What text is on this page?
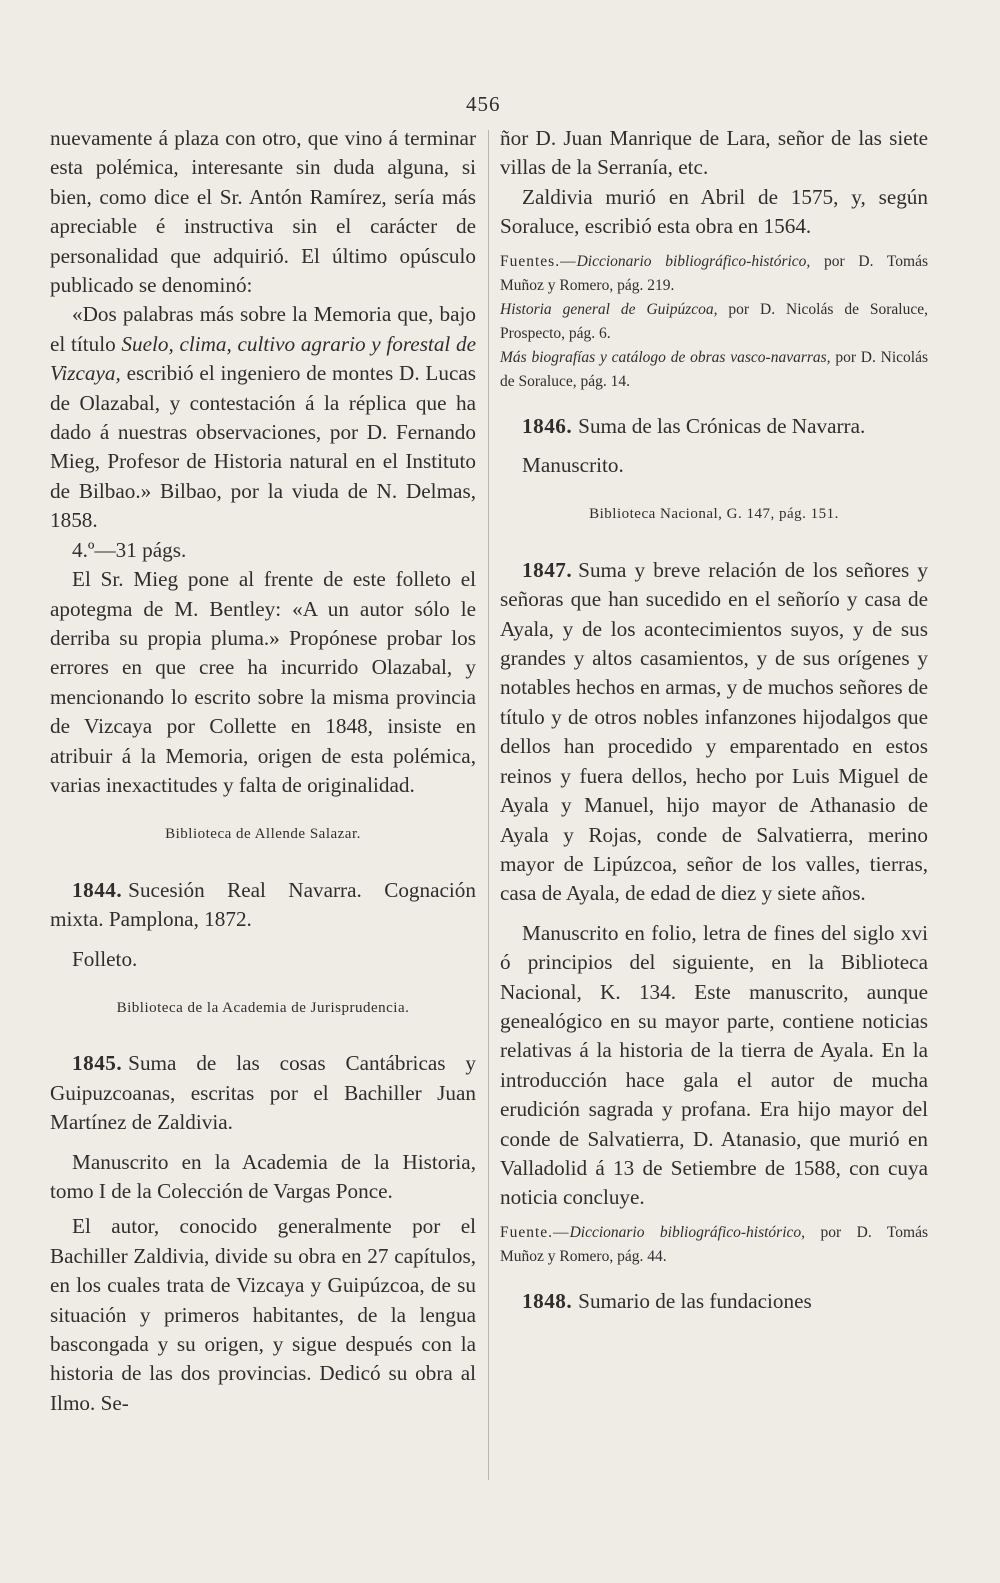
456

nuevamente á plaza con otro, que vino á terminar esta polémica, interesante sin duda alguna, si bien, como dice el Sr. Antón Ramírez, sería más apreciable é instructiva sin el carácter de personalidad que adquirió. El último opúsculo publicado se denominó:

«Dos palabras más sobre la Memoria que, bajo el título Suelo, clima, cultivo agrario y forestal de Vizcaya, escribió el ingeniero de montes D. Lucas de Olazabal, y contestación á la réplica que ha dado á nuestras observaciones, por D. Fernando Mieg, Profesor de Historia natural en el Instituto de Bilbao.» Bilbao, por la viuda de N. Delmas, 1858.

4.º—31 págs.

El Sr. Mieg pone al frente de este folleto el apotegma de M. Bentley: «A un autor sólo le derriba su propia pluma.» Propónese probar los errores en que cree ha incurrido Olazabal, y mencionando lo escrito sobre la misma provincia de Vizcaya por Collette en 1848, insiste en atribuir á la Memoria, origen de esta polémica, varias inexactitudes y falta de originalidad.

Biblioteca de Allende Salazar.

1844. Sucesión Real Navarra. Cognación mixta. Pamplona, 1872.

Folleto.

Biblioteca de la Academia de Jurisprudencia.

1845. Suma de las cosas Cantábricas y Guipuzcoanas, escritas por el Bachiller Juan Martínez de Zaldivia.

Manuscrito en la Academia de la Historia, tomo I de la Colección de Vargas Ponce.

El autor, conocido generalmente por el Bachiller Zaldivia, divide su obra en 27 capítulos, en los cuales trata de Vizcaya y Guipúzcoa, de su situación y primeros habitantes, de la lengua bascongada y su origen, y sigue después con la historia de las dos provincias. Dedicó su obra al Ilmo. Se-

ñor D. Juan Manrique de Lara, señor de las siete villas de la Serranía, etc.

Zaldivia murió en Abril de 1575, y, según Soraluce, escribió esta obra en 1564.

Fuentes.—Diccionario bibliográfico-histórico, por D. Tomás Muñoz y Romero, pág. 219.

Historia general de Guipúzcoa, por D. Nicolás de Soraluce, Prospecto, pág. 6.

Más biografías y catálogo de obras vasco-navarras, por D. Nicolás de Soraluce, pág. 14.

1846. Suma de las Crónicas de Navarra.

Manuscrito.

Biblioteca Nacional, G. 147, pág. 151.

1847. Suma y breve relación de los señores y señoras que han sucedido en el señorío y casa de Ayala, y de los acontecimientos suyos, y de sus grandes y altos casamientos, y de sus orígenes y notables hechos en armas, y de muchos señores de título y de otros nobles infanzones hijodalgos que dellos han procedido y emparentado en estos reinos y fuera dellos, hecho por Luis Miguel de Ayala y Manuel, hijo mayor de Athanasio de Ayala y Rojas, conde de Salvatierra, merino mayor de Lipúzcoa, señor de los valles, tierras, casa de Ayala, de edad de diez y siete años.

Manuscrito en folio, letra de fines del siglo xvi ó principios del siguiente, en la Biblioteca Nacional, K. 134. Este manuscrito, aunque genealógico en su mayor parte, contiene noticias relativas á la historia de la tierra de Ayala. En la introducción hace gala el autor de mucha erudición sagrada y profana. Era hijo mayor del conde de Salvatierra, D. Atanasio, que murió en Valladolid á 13 de Setiembre de 1588, con cuya noticia concluye.

Fuente.—Diccionario bibliográfico-histórico, por D. Tomás Muñoz y Romero, pág. 44.

1848. Sumario de las fundaciones
